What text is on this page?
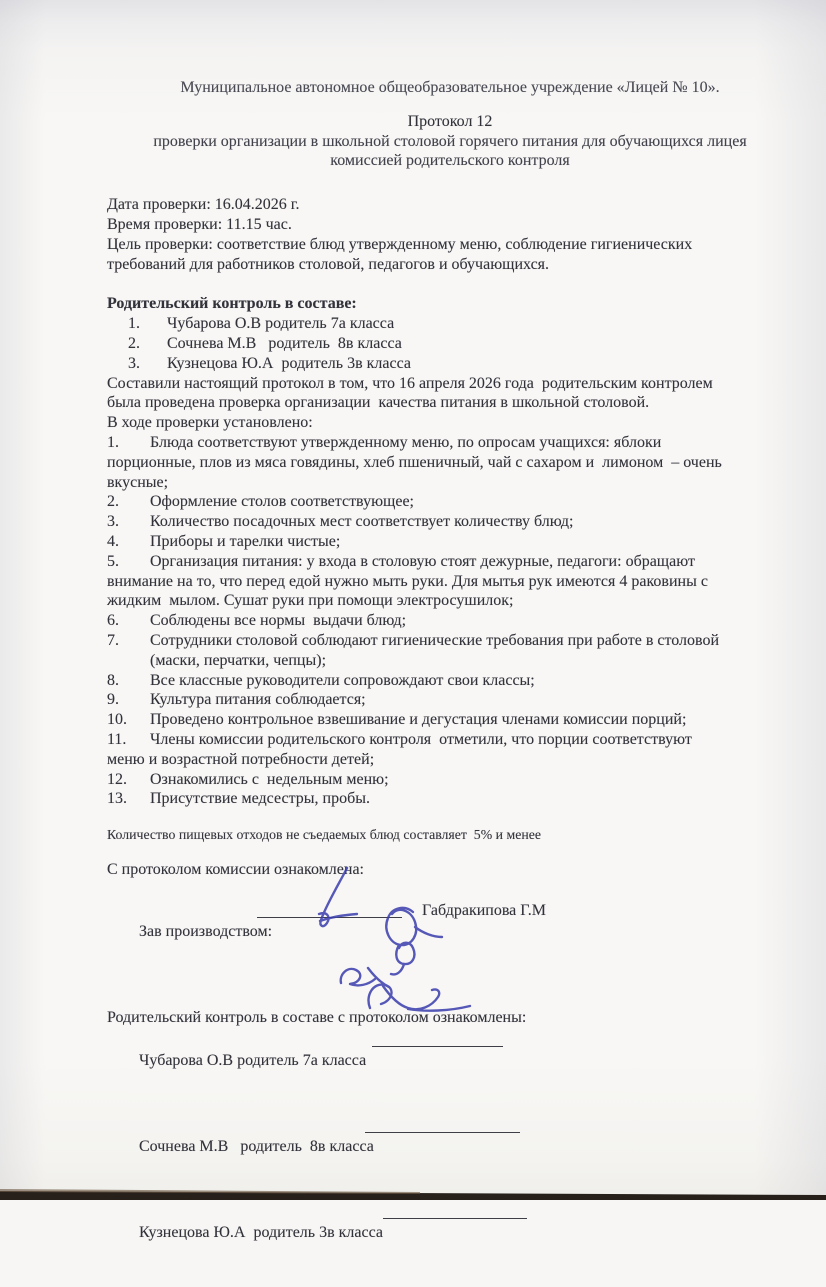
Муниципальное автономное общеобразовательное учреждение «Лицей № 10».
Протокол 12
проверки организации в школьной столовой горячего питания для обучающихся лицея
комиссией родительского контроля
Дата проверки: 16.04.2026 г.
Время проверки: 11.15 час.
Цель проверки: соответствие блюд утвержденному меню, соблюдение гигиенических
требований для работников столовой, педагогов и обучающихся.
Родительский контроль в составе:
1. Чубарова О.В родитель 7а класса
2. Сочнева М.В   родитель  8в класса
3. Кузнецова Ю.А  родитель 3в класса
Составили настоящий протокол в том, что 16 апреля 2026 года  родительским контролем
была проведена проверка организации  качества питания в школьной столовой.
В ходе проверки установлено:
1. Блюда соответствуют утвержденному меню, по опросам учащихся: яблоки
порционные, плов из мяса говядины, хлеб пшеничный, чай с сахаром и  лимоном  – очень
вкусные;
2. Оформление столов соответствующее;
3. Количество посадочных мест соответствует количеству блюд;
4. Приборы и тарелки чистые;
5. Организация питания: у входа в столовую стоят дежурные, педагоги: обращают
внимание на то, что перед едой нужно мыть руки. Для мытья рук имеются 4 раковины с
жидким  мылом. Сушат руки при помощи электросушилок;
6. Соблюдены все нормы  выдачи блюд;
7. Сотрудники столовой соблюдают гигиенические требования при работе в столовой
(маски, перчатки, чепцы);
8. Все классные руководители сопровождают свои классы;
9. Культура питания соблюдается;
10. Проведено контрольное взвешивание и дегустация членами комиссии порций;
11. Члены комиссии родительского контроля  отметили, что порции соответствуют
меню и возрастной потребности детей;
12. Ознакомились с  недельным меню;
13. Присутствие медсестры, пробы.
Количество пищевых отходов не съедаемых блюд составляет  5% и менее
С протоколом комиссии ознакомлена:

Зав производством:

Габдракипова Г.М

Родительский контроль в составе с протоколом ознакомлены:

Чубарова О.В родитель 7а класса

Сочнева М.В   родитель  8в класса

Кузнецова Ю.А  родитель 3в класса
